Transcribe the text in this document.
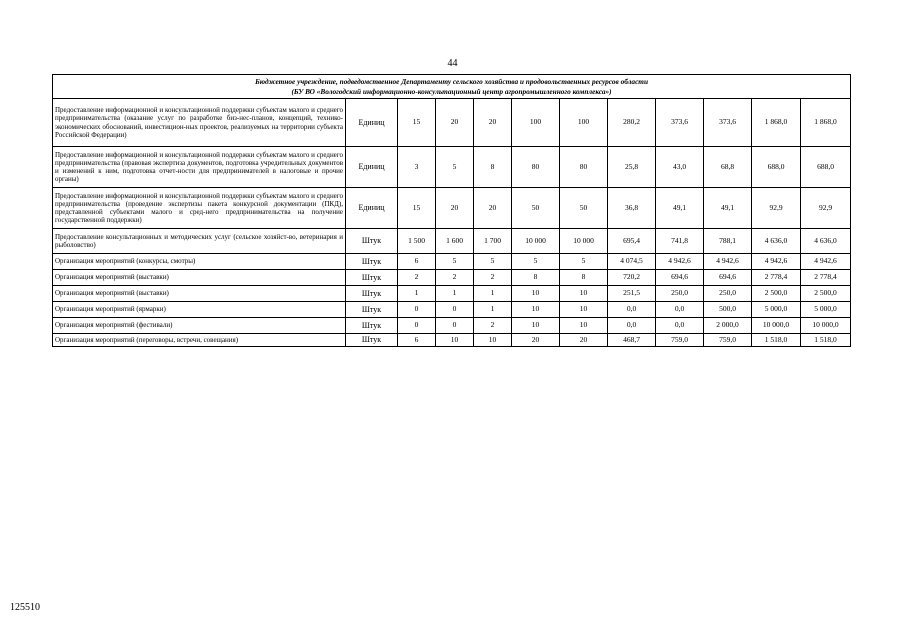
44
Бюджетное учреждение, подведомственное Департаменту сельского хозяйства и продовольственных ресурсов области
(БУ ВО «Вологодский информационно-консультационный центр агропромышленного комплекса»)											

Предоставление информационной и консультационной поддержки субъектам малого и среднего предпринимательства (оказание услуг по разработке биз-нес-планов, концепций, технико-экономических обоснований, инвестицион-ных проектов, реализуемых на территории субъекта Российской Федерации)	Единиц	15	20	20	100	100	280,2	373,6	373,6	1 868,0	1 868,0
Предоставление информационной и консультационной поддержки субъектам малого и среднего предпринимательства (правовая экспертиза документов, подготовка учредительных документов и изменений к ним, подготовка отчет-ности для предпринимателей в налоговые и прочие органы)	Единиц	3	5	8	80	80	25,8	43,0	68,8	688,0	688,0
Предоставление информационной и консультационной поддержки субъектам малого и среднего предпринимательства (проведение экспертизы пакета конкурсной документации (ПКД), представленной субъектами малого и сред-него предпринимательства на получение государственной поддержки)	Единиц	15	20	20	50	50	36,8	49,1	49,1	92,9	92,9
Предоставление консультационных и методических услуг (сельское хозяйст-во, ветеринария и рыболовство)	Штук	1 500	1 600	1 700	10 000	10 000	695,4	741,8	788,1	4 636,0	4 636,0
Организация мероприятий (конкурсы, смотры)	Штук	6	5	5	5	5	4 074,5	4 942,6	4 942,6	4 942,6	4 942,6
Организация мероприятий (выставки)	Штук	2	2	2	8	8	720,2	694,6	694,6	2 778,4	2 778,4
Организация мероприятий (выставки)	Штук	1	1	1	10	10	251,5	250,0	250,0	2 500,0	2 500,0
Организация мероприятий (ярмарки)	Штук	0	0	1	10	10	0,0	0,0	500,0	5 000,0	5 000,0
Организация мероприятий (фестивали)	Штук	0	0	2	10	10	0,0	0,0	2 000,0	10 000,0	10 000,0
Организация мероприятий (переговоры, встречи, совещания)	Штук	6	10	10	20	20	468,7	759,0	759,0	1 518,0	1 518,0
125510
